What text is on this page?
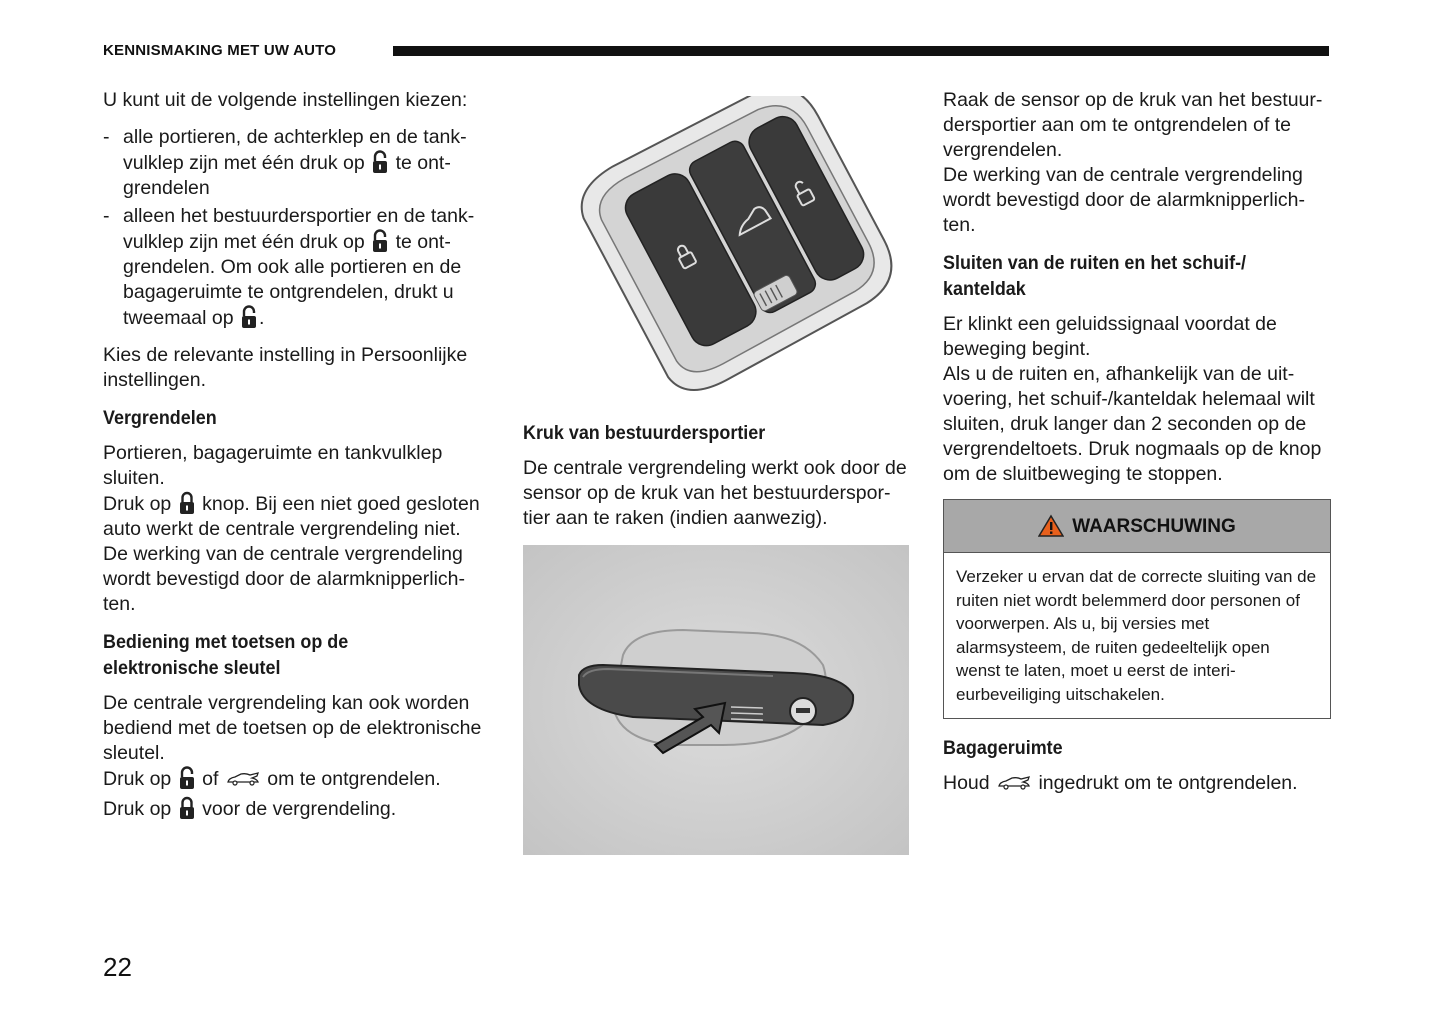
KENNISMAKING MET UW AUTO

U kunt uit de volgende instellingen kiezen:

- alle portieren, de achterklep en de tank-vulklep zijn met één druk op te ont-grendelen
- alleen het bestuurdersportier en de tank-vulklep zijn met één druk op te ont-grendelen. Om ook alle portieren en de bagageruimte te ontgrendelen, drukt u tweemaal op .

Kies de relevante instelling in Persoonlijke instellingen.

Vergrendelen

Portieren, bagageruimte en tankvulklep sluiten.

Druk op knop. Bij een niet goed gesloten auto werkt de centrale vergrendeling niet.

De werking van de centrale vergrendeling wordt bevestigd door de alarmknipperlich-ten.

Bediening met toetsen op de elektronische sleutel

De centrale vergrendeling kan ook worden bediend met de toetsen op de elektronische sleutel.

Druk op of	om te ontgrendelen.

Druk op voor de vergrendeling.

Kruk van bestuurdersportier

De centrale vergrendeling werkt ook door de sensor op de kruk van het bestuurderspor-tier aan te raken (indien aanwezig).

Raak de sensor op de kruk van het bestuur-dersportier aan om te ontgrendelen of te vergrendelen.

De werking van de centrale vergrendeling wordt bevestigd door de alarmknipperlich-ten.

Sluiten van de ruiten en het schuif-/ kanteldak

Er klinkt een geluidssignaal voordat de beweging begint.

Als u de ruiten en, afhankelijk van de uit-voering, het schuif-/kanteldak helemaal wilt sluiten, druk langer dan 2 seconden op de vergrendeltoets. Druk nogmaals op de knop om de sluitbeweging te stoppen.

WAARSCHUWING
Verzeker u ervan dat de correcte sluiting van de ruiten niet wordt belemmerd door personen of voorwerpen. Als u, bij versies met alarmsysteem, de ruiten gedeeltelijk open wenst te laten, moet u eerst de interi-eurbeveiliging uitschakelen.
Bagageruimte

Houd	ingedrukt om te ontgrendelen.

22
